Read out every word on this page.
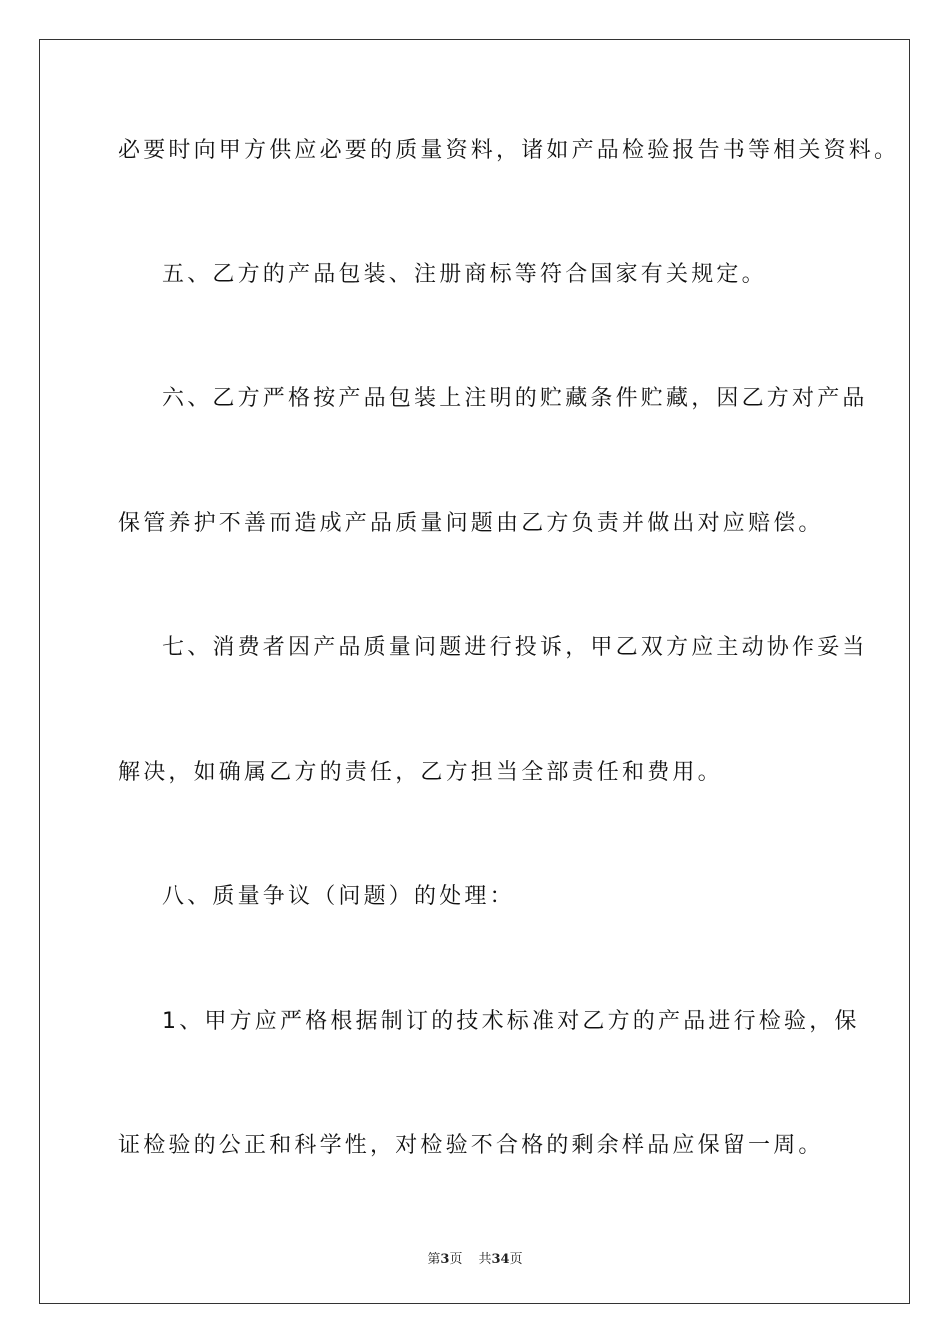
必要时向甲方供应必要的质量资料，诸如产品检验报告书等相关资料。
五、乙方的产品包装、注册商标等符合国家有关规定。
六、乙方严格按产品包装上注明的贮藏条件贮藏，因乙方对产品
保管养护不善而造成产品质量问题由乙方负责并做出对应赔偿。
七、消费者因产品质量问题进行投诉，甲乙双方应主动协作妥当
解决，如确属乙方的责任，乙方担当全部责任和费用。
八、质量争议（问题）的处理：
1、甲方应严格根据制订的技术标准对乙方的产品进行检验，保
证检验的公正和科学性，对检验不合格的剩余样品应保留一周。
第3页 共34页
